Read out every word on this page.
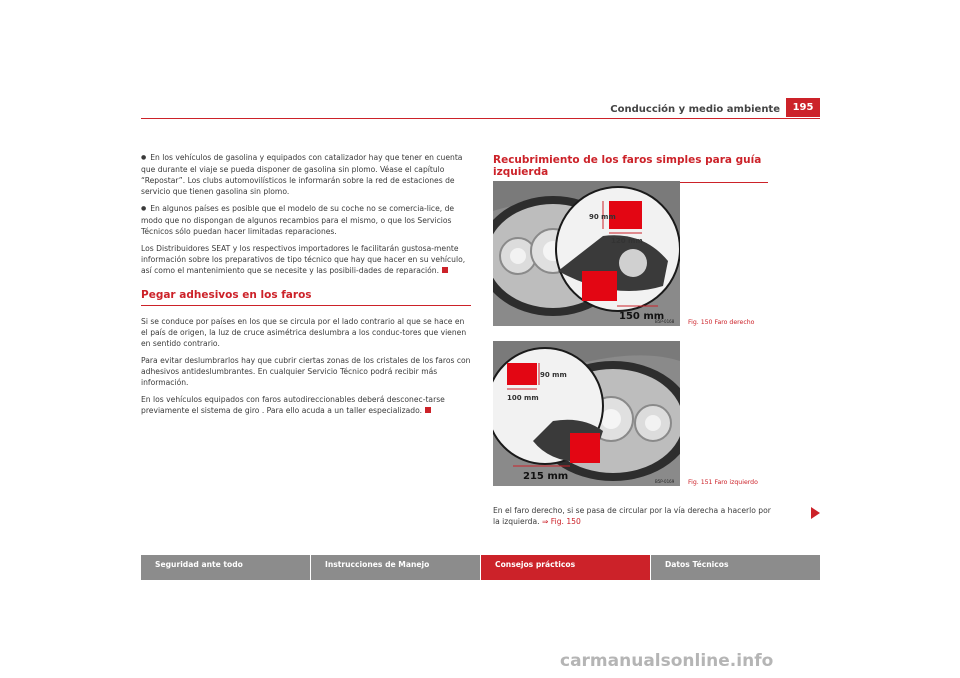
Conducción y medio ambiente	195

● En los vehículos de gasolina y equipados con catalizador hay que tener en cuenta que durante el viaje se pueda disponer de gasolina sin plomo. Véase el capítulo “Repostar”. Los clubs automovilísticos le informarán sobre la red de estaciones de servicio que tienen gasolina sin plomo.

● En algunos países es posible que el modelo de su coche no se comercia-lice, de modo que no dispongan de algunos recambios para el mismo, o que los Servicios Técnicos sólo puedan hacer limitadas reparaciones.

Los Distribuidores SEAT y los respectivos importadores le facilitarán gustosa-mente información sobre los preparativos de tipo técnico que hay que hacer en su vehículo, así como el mantenimiento que se necesite y las posibili-dades de reparación.

Pegar adhesivos en los faros

Si se conduce por países en los que se circula por el lado contrario al que se hace en el país de origen, la luz de cruce asimétrica deslumbra a los conduc-tores que vienen en sentido contrario.

Para evitar deslumbrarlos hay que cubrir ciertas zonas de los cristales de los faros con adhesivos antideslumbrantes. En cualquier Servicio Técnico podrá recibir más información.

En los vehículos equipados con faros autodireccionables deberá desconec-tarse previamente el sistema de giro . Para ello acuda a un taller especializado.

Recubrimiento de los faros simples para guía izquierda
90 mm
120 mm
150 mm
B5P-0168 Fig. 150 Faro derecho
90 mm
100 mm
215 mm	B5P-0169 Fig. 151 Faro izquierdo
En el faro derecho, si se pasa de circular por la vía derecha a hacerlo por la izquierda. ⇒ Fig. 150
Seguridad ante todo	Instrucciones de Manejo	Consejos prácticos	Datos Técnicos
carmanualsonline.info
